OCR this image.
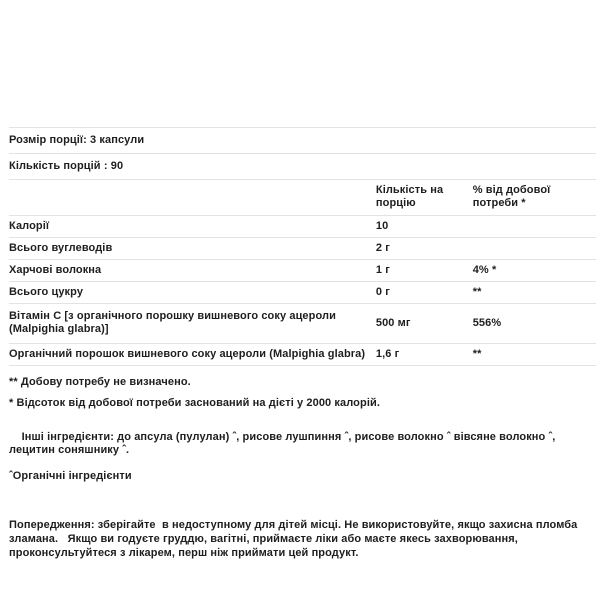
Розмір порції: 3 капсули		
Кількість порцій : 90		
	Кількість на порцію	% від добової потреби *
Калорії	10	
Всього вуглеводів	2 г	
Харчові волокна	1 г	4% *
Всього цукру	0 г	**
Вітамін C [з органічного порошку вишневого соку ацероли (Malpighia glabra)]	500 мг	556%
Органічний порошок вишневого соку ацероли (Malpighia glabra)	1,6 г	**
** Добову потребу не визначено.
* Відсоток від добової потреби заснований на дієті у 2000 калорій.

Інші інгредієнти: до апсула (пулулан) ˆ, рисове лушпиння ˆ, рисове волокно ˆ вівсяне волокно ˆ, лецитин соняшнику ˆ.

ˆОрганічні інгредієнти

Попередження: зберігайте  в недоступному для дітей місці. Не використовуйте, якщо захисна пломба зламана.   Якщо ви годуєте груддю, вагітні, приймаєте ліки або маєте якесь захворювання, проконсультуйтеся з лікарем, перш ніж приймати цей продукт.
